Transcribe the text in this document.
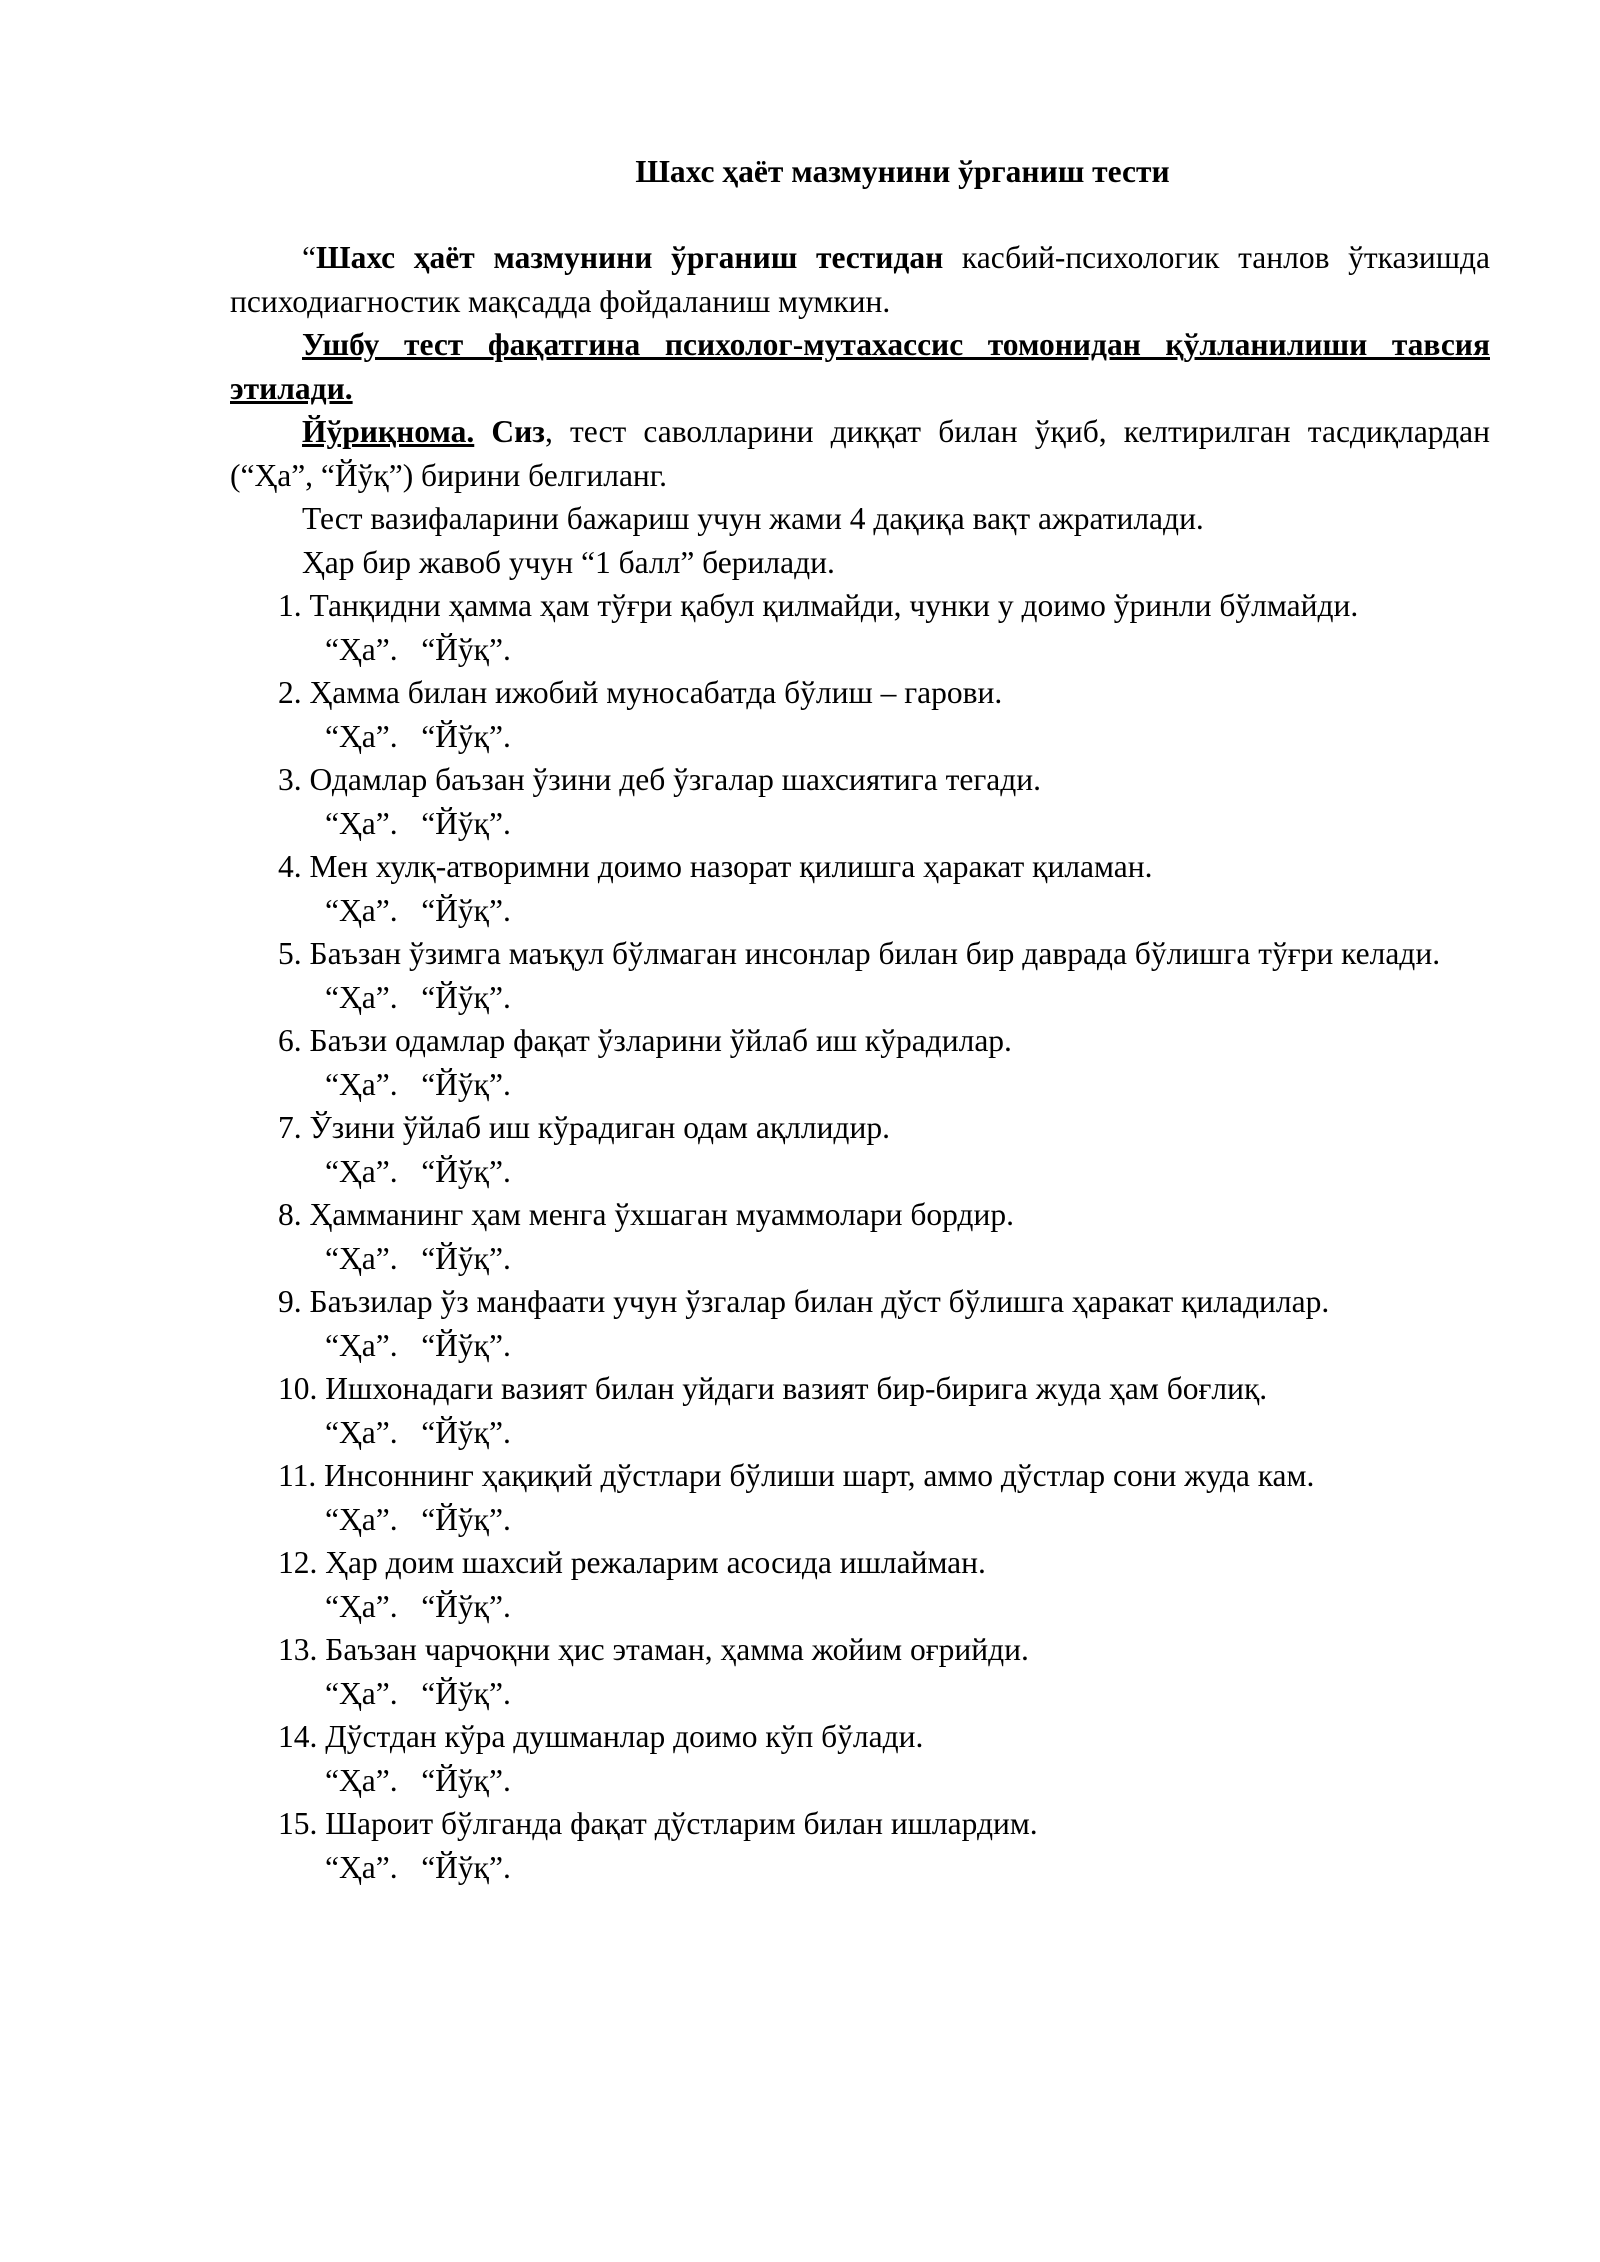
Шахс ҳаёт мазмунини ўрганиш тести

“Шахс ҳаёт мазмунини ўрганиш тестидан касбий-психологик танлов ўтказишда психодиагностик мақсадда фойдаланиш мумкин.

Ушбу тест фақатгина психолог-мутахассис томонидан қўлланилиши тавсия этилади.

Йўриқнома. Сиз, тест саволларини диққат билан ўқиб, келтирилган тасдиқлардан (“Ҳа”, “Йўқ”) бирини белгиланг.

Тест вазифаларини бажариш учун жами 4 дақиқа вақт ажратилади.

Ҳар бир жавоб учун “1 балл” берилади.

1. Танқидни ҳамма ҳам тўғри қабул қилмайди, чунки у доимо ўринли бўлмайди.

“Ҳа”.   “Йўқ”.

2. Ҳамма билан ижобий муносабатда бўлиш – гарови.

“Ҳа”.   “Йўқ”.

3. Одамлар баъзан ўзини деб ўзгалар шахсиятига тегади.

“Ҳа”.   “Йўқ”.

4. Мен хулқ-атворимни доимо назорат қилишга ҳаракат қиламан.

“Ҳа”.   “Йўқ”.

5. Баъзан ўзимга маъқул бўлмаган инсонлар билан бир даврада бўлишга тўғри келади.

“Ҳа”.   “Йўқ”.

6. Баъзи одамлар фақат ўзларини ўйлаб иш кўрадилар.

“Ҳа”.   “Йўқ”.

7. Ўзини ўйлаб иш кўрадиган одам ақллидир.

“Ҳа”.   “Йўқ”.

8. Ҳамманинг ҳам менга ўхшаган муаммолари бордир.

“Ҳа”.   “Йўқ”.

9. Баъзилар ўз манфаати учун ўзгалар билан дўст бўлишга ҳаракат қиладилар.

“Ҳа”.   “Йўқ”.

10. Ишхонадаги вазият билан уйдаги вазият бир-бирига жуда ҳам боғлиқ.

“Ҳа”.   “Йўқ”.

11. Инсоннинг ҳақиқий дўстлари бўлиши шарт, аммо дўстлар сони жуда кам.

“Ҳа”.   “Йўқ”.

12. Ҳар доим шахсий режаларим асосида ишлайман.

“Ҳа”.   “Йўқ”.

13. Баъзан чарчоқни ҳис этаман, ҳамма жойим оғрийди.

“Ҳа”.   “Йўқ”.

14. Дўстдан кўра душманлар доимо кўп бўлади.

“Ҳа”.   “Йўқ”.

15. Шароит бўлганда фақат дўстларим билан ишлардим.

“Ҳа”.   “Йўқ”.
